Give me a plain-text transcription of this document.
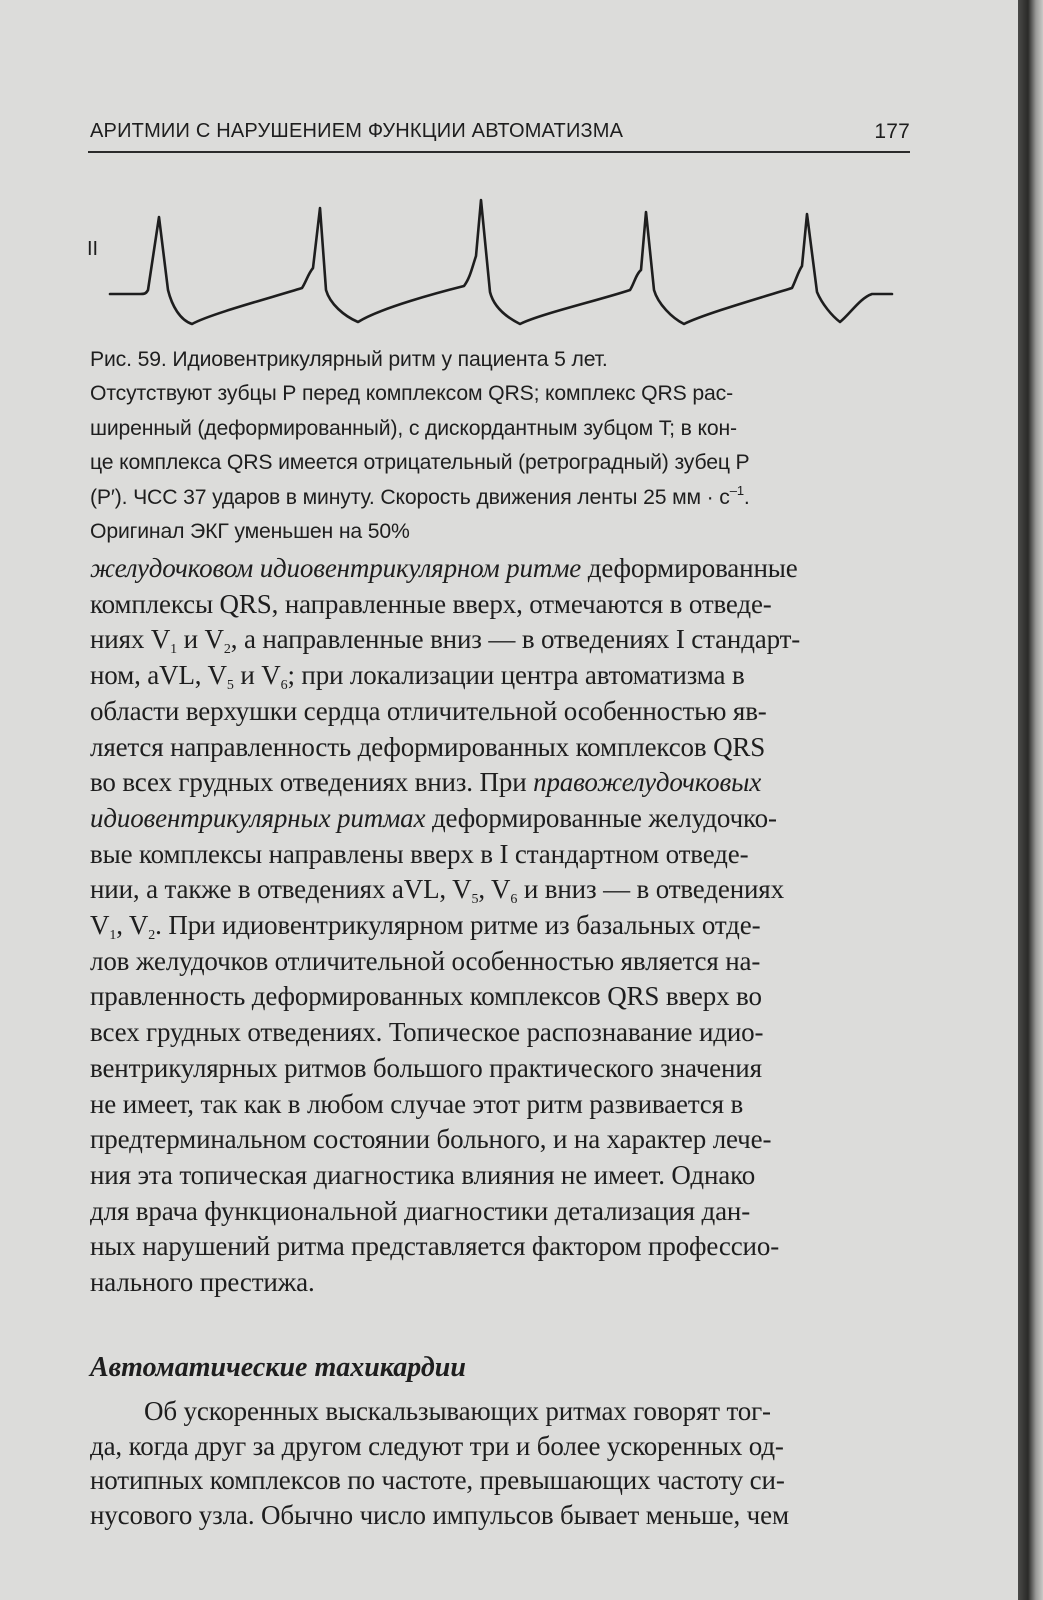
АРИТМИИ С НАРУШЕНИЕМ ФУНКЦИИ АВТОМАТИЗМА	177
II
Рис. 59. Идиовентрикулярный ритм у пациента 5 лет.
Отсутствуют зубцы Р перед комплексом QRS; комплекс QRS рас-
ширенный (деформированный), с дискордантным зубцом T; в кон-
це комплекса QRS имеется отрицательный (ретроградный) зубец Р
(Р′). ЧСС 37 ударов в минуту. Скорость движения ленты 25 мм · $с^{-1}$.
Оригинал ЭКГ уменьшен на 50%
желудочковом идиовентрикулярном ритме деформированные
комплексы QRS, направленные вверх, отмечаются в отведе-
ниях $V_1$ и $V_2$, а направленные вниз — в отведениях I стандарт-
ном, aVL, $V_5$ и $V_6$; при локализации центра автоматизма в
области верхушки сердца отличительной особенностью яв-
ляется направленность деформированных комплексов QRS
во всех грудных отведениях вниз. При правожелудочковых
идиовентрикулярных ритмах деформированные желудочко-
вые комплексы направлены вверх в I стандартном отведе-
нии, а также в отведениях aVL, $V_5$, $V_6$ и вниз — в отведениях
$V_1$, $V_2$. При идиовентрикулярном ритме из базальных отде-
лов желудочков отличительной особенностью является на-
правленность деформированных комплексов QRS вверх во
всех грудных отведениях. Топическое распознавание идио-
вентрикулярных ритмов большого практического значения
не имеет, так как в любом случае этот ритм развивается в
предтерминальном состоянии больного, и на характер лече-
ния эта топическая диагностика влияния не имеет. Однако
для врача функциональной диагностики детализация дан-
ных нарушений ритма представляется фактором профессио-
нального престижа.
Автоматические тахикардии
Об ускоренных выскальзывающих ритмах говорят тог-
да, когда друг за другом следуют три и более ускоренных од-
нотипных комплексов по частоте, превышающих частоту си-
нусового узла. Обычно число импульсов бывает меньше, чем
